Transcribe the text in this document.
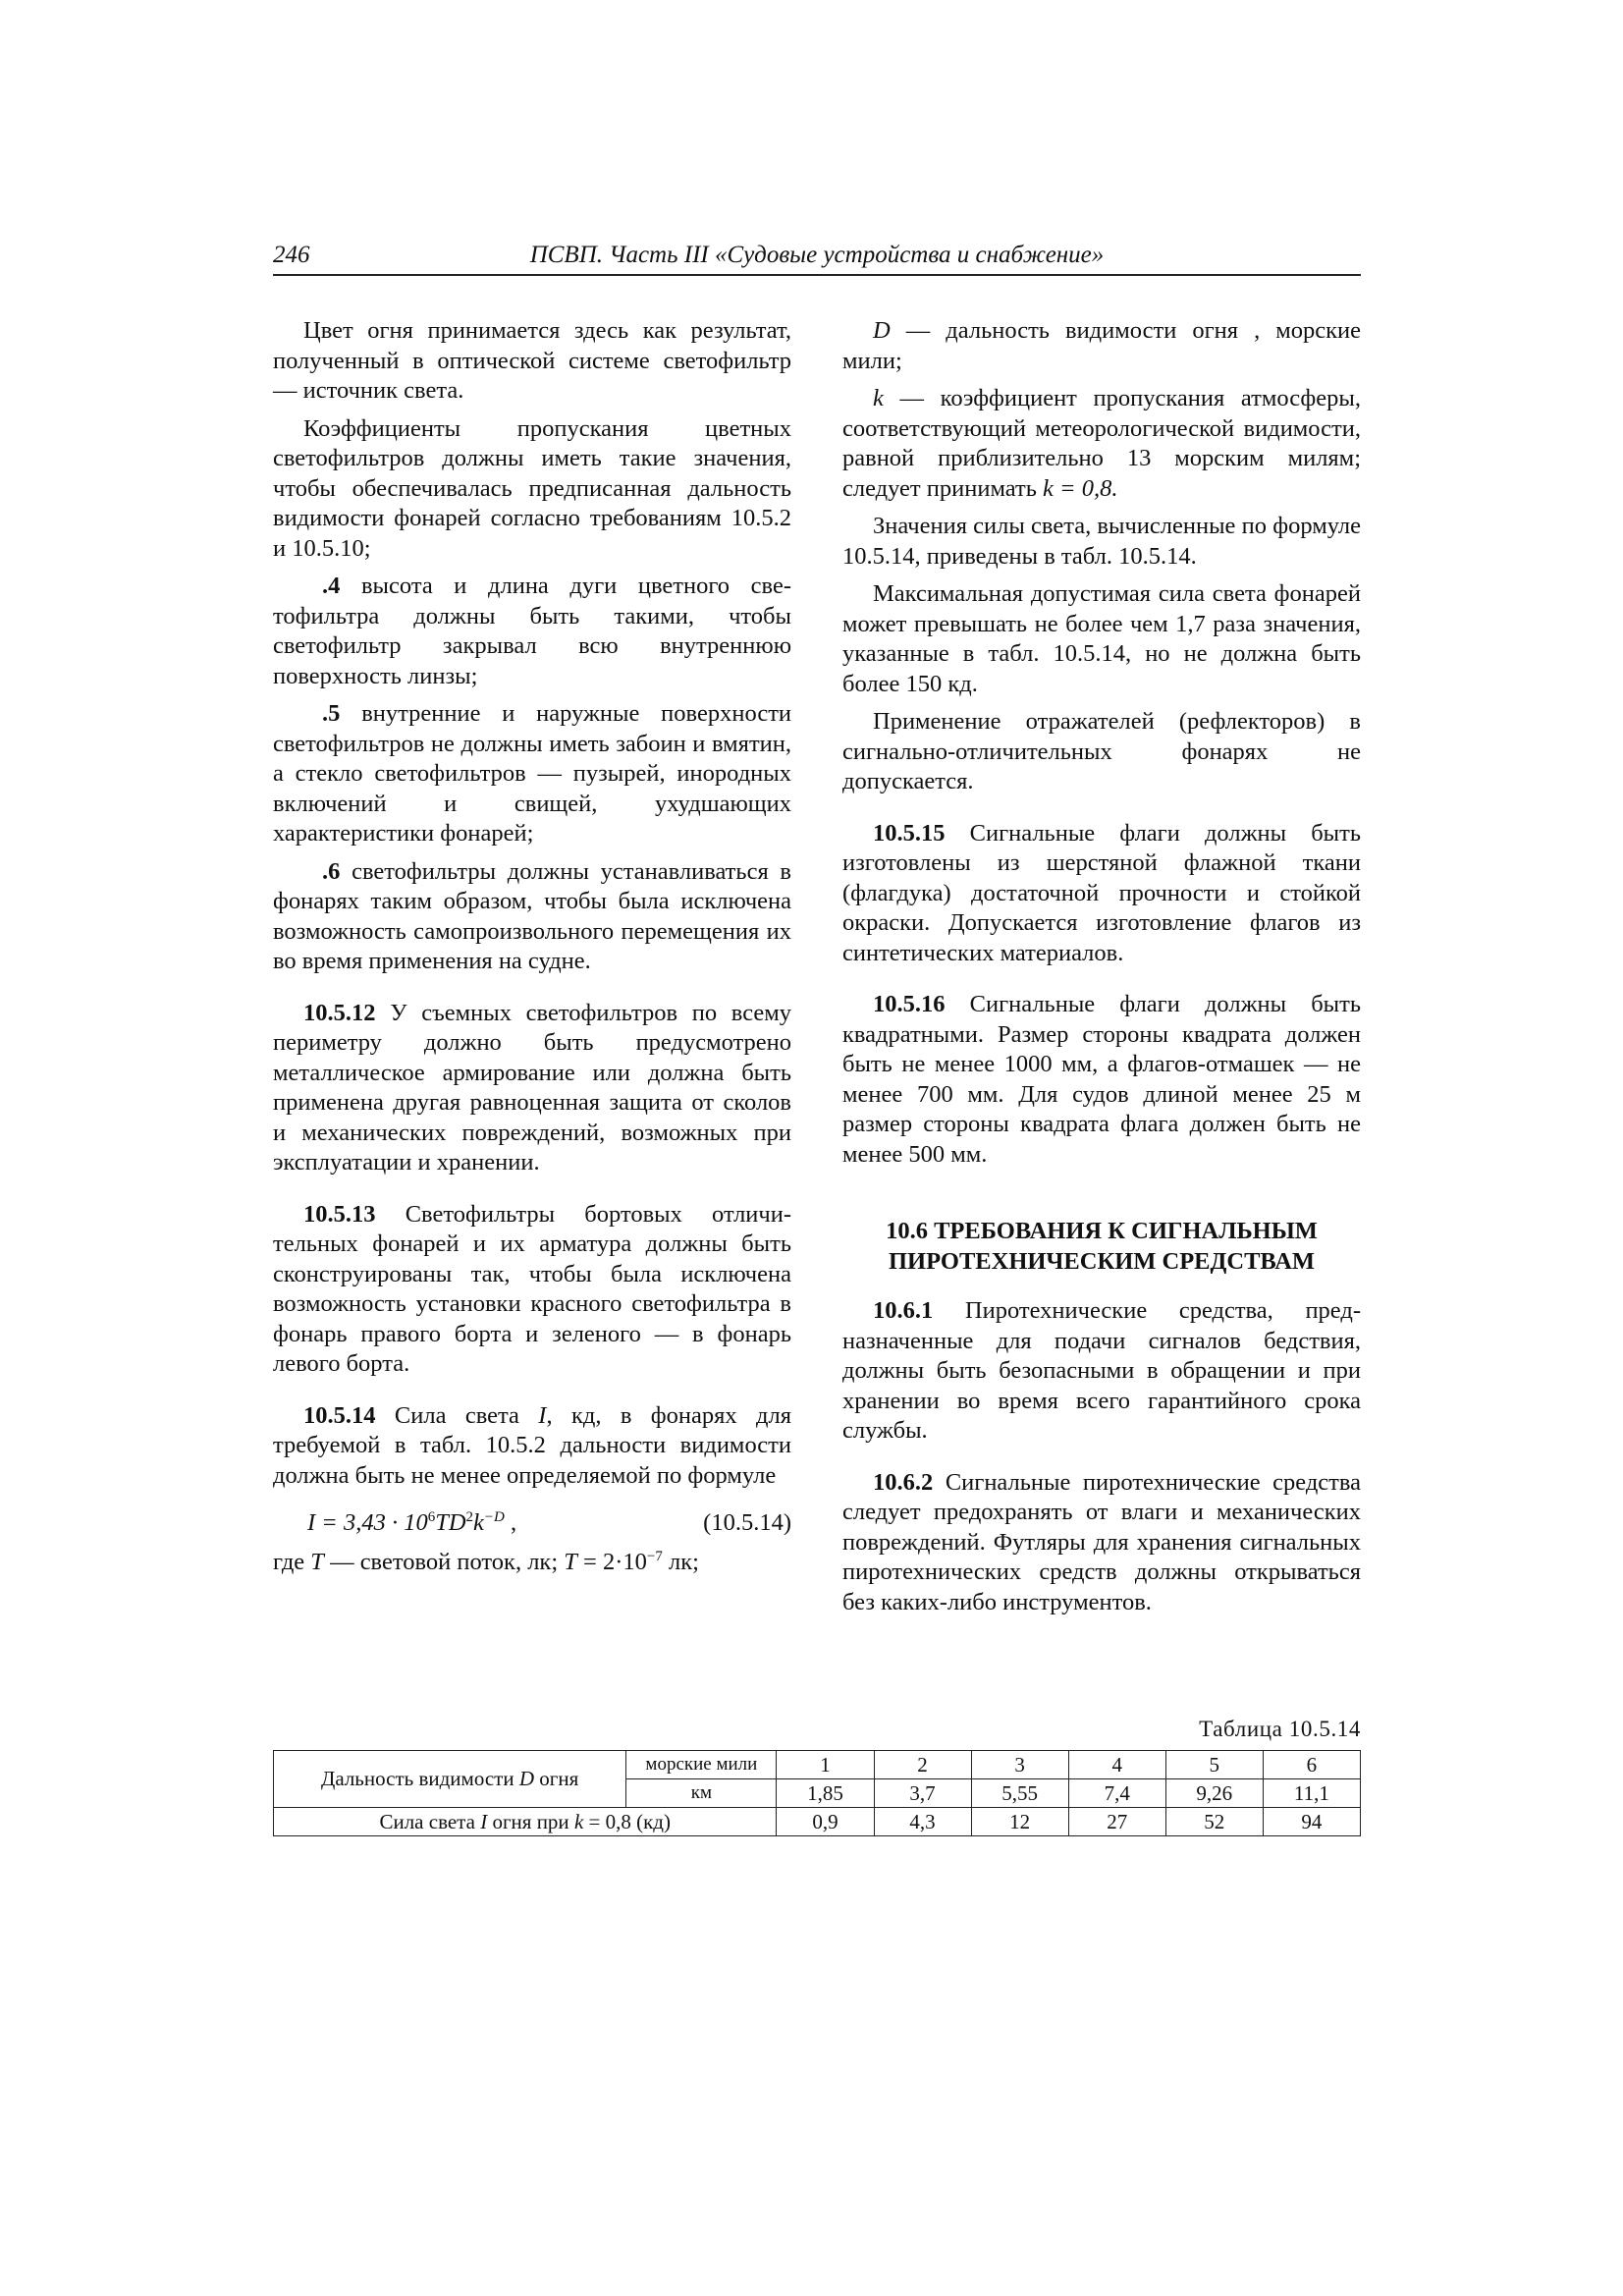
246	ПСВП. Часть III «Судовые устройства и снабжение»

Цвет огня принимается здесь как результат, полученный в оптической системе светофильтр — источник света.

Коэффициенты пропускания цветных светофильтров должны иметь такие значения, чтобы обеспечивалась предписанная дальность видимости фонарей согласно требованиям 10.5.2 и 10.5.10;

.4 высота и длина дуги цветного светофильтра должны быть такими, чтобы светофильтр закрывал всю внутреннюю поверхность линзы;

.5 внутренние и наружные поверхности светофильтров не должны иметь забоин и вмятин, а стекло светофильтров — пузырей, инородных включений и свищей, ухудшающих характеристики фонарей;

.6 светофильтры должны устанавливаться в фонарях таким образом, чтобы была исключена возможность самопроизвольного перемещения их во время применения на судне.

10.5.12 У съемных светофильтров по всему периметру должно быть предусмотрено металлическое армирование или должна быть применена другая равноценная защита от сколов и механических повреждений, возможных при эксплуатации и хранении.

10.5.13 Светофильтры бортовых отличительных фонарей и их арматура должны быть сконструированы так, чтобы была исключена возможность установки красного светофильтра в фонарь правого борта и зеленого — в фонарь левого борта.

10.5.14 Сила света I, кд, в фонарях для требуемой в табл. 10.5.2 дальности видимости должна быть не менее определяемой по формуле

$I = 3,43 \cdot 10^6TD^2k^{-D}$ ,	(10.5.14)

где T — световой поток, лк; $T = 2\cdot 10^{-7}$ лк;

D — дальность видимости огня , морские мили;

k — коэффициент пропускания атмосферы, соответствующий метеорологической видимости, равной приблизительно 13 морским милям; следует принимать k = 0,8.

Значения силы света, вычисленные по формуле 10.5.14, приведены в табл. 10.5.14.

Максимальная допустимая сила света фонарей может превышать не более чем 1,7 раза значения, указанные в табл. 10.5.14, но не должна быть более 150 кд.

Применение отражателей (рефлекторов) в сигнально-отличительных фонарях не допускается.

10.5.15 Сигнальные флаги должны быть изготовлены из шерстяной флажной ткани (флагдука) достаточной прочности и стойкой окраски. Допускается изготовление флагов из синтетических материалов.

10.5.16 Сигнальные флаги должны быть квадратными. Размер стороны квадрата должен быть не менее 1000 мм, а флагов-отмашек — не менее 700 мм. Для судов длиной менее 25 м размер стороны квадрата флага должен быть не менее 500 мм.

10.6 ТРЕБОВАНИЯ К СИГНАЛЬНЫМ ПИРОТЕХНИЧЕСКИМ СРЕДСТВАМ

10.6.1 Пиротехнические средства, предназначенные для подачи сигналов бедствия, должны быть безопасными в обращении и при хранении во время всего гарантийного срока службы.

10.6.2 Сигнальные пиротехнические средства следует предохранять от влаги и механических повреждений. Футляры для хранения сигнальных пиротехнических средств должны открываться без каких-либо инструментов.

Таблица 10.5.14
Дальность видимости D огня	морские мили	1	2	3	4	5	6
	км	1,85	3,7	5,55	7,4	9,26	11,1
Сила света I огня при k = 0,8 (кд)		0,9	4,3	12	27	52	94
